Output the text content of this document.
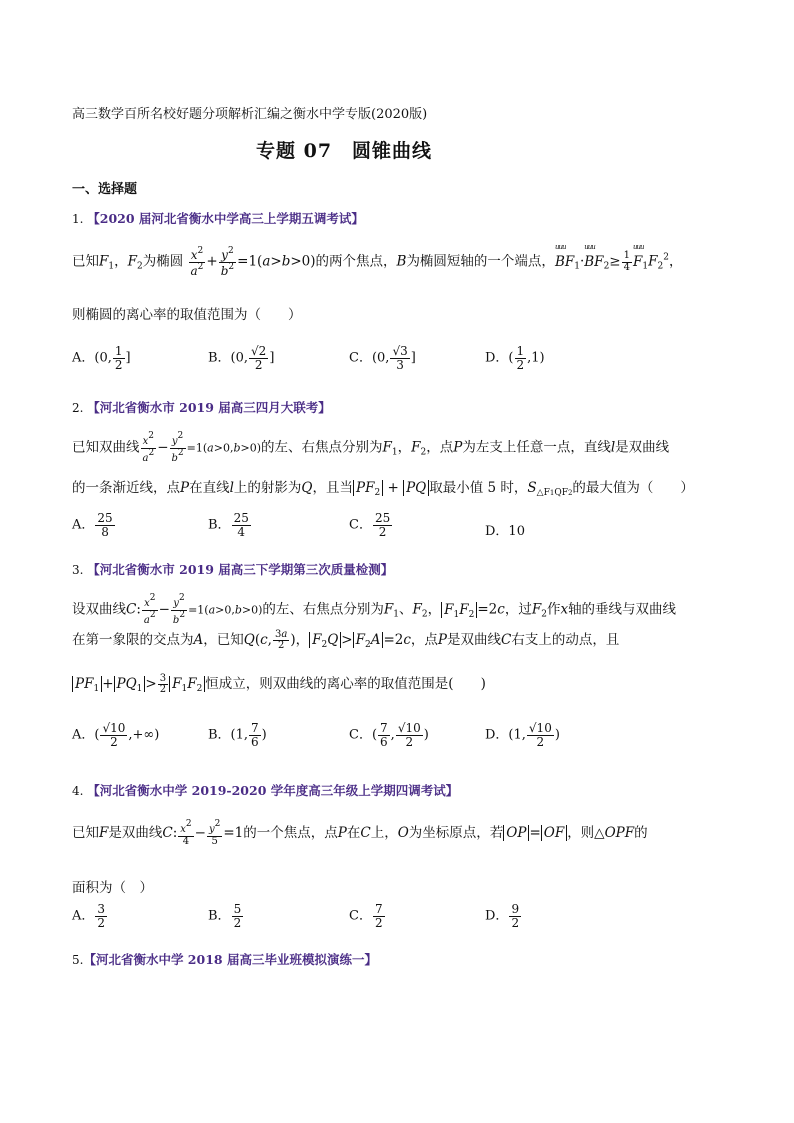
高三数学百所名校好题分项解析汇编之衡水中学专版(2020版)
专题 07　圆锥曲线
一、选择题
1. 【2020 届河北省衡水中学高三上学期五调考试】
已知$F_1$，$F_2$为椭圆 $\frac{x^2}{a^2} + \frac{y^2}{b^2} =1(a>b>0)$的两个焦点，B为椭圆短轴的一个端点，uuu $BF_1\cdot uuu$ $BF_2\ge \frac{1}{4}$
uuu $F_1F_2^2$，
则椭圆的离心率的取值范围为（　　）
A．(0, $\frac{1}{2}$ ]	B．(0, $\frac{√2}{2}$ ]	C．(0, $\frac{√3}{3}$ ]	D．( $\frac{1}{2} ,1$)
2. 【河北省衡水市 2019 届高三四月大联考】
已知双曲线 $\frac{x2}{a2} - \frac{y2}{b2} =1(a>0,b>0)$的左、右焦点分别为$F_1$，$F_2$，点P为左支上任意一点，直线l是双曲线
的一条渐近线，点P在直线l上的射影为Q，且当 $PF_2$ + PQ 取最小值 5 时，$S_{\triangle F1QF2}$的最大值为（　　）
A． $\frac{25}{8}$	B． $\frac{25}{4}$	C． $\frac{25}{2}$	D．10
3. 【河北省衡水市 2019 届高三下学期第三次质量检测】
设双曲线C: $\frac{x2}{a2} - \frac{y2}{b2} =1(a>0,b>0)$的左、右焦点分别为$F_1$、$F_2$， $F_1F_2 =2c$，过$F_2$作x轴的垂线与双曲线
在第一象限的交点为A，已知Q(c, $\frac{3a}{2}$ )， $F_2Q > F_2A =2c$，点P是双曲线C右支上的动点，且
$PF_1 + PQ_1 > \frac{3}{2} F_1F_2$ 恒成立，则双曲线的离心率的取值范围是(　　)
A．( $\frac{√10}{2}$ ,+∞)	B．(1, $\frac{7}{6}$ )	C．( $\frac{7}{6}$ , $\frac{√10}{2}$ )	D．(1, $\frac{√10}{2}$ )
4. 【河北省衡水中学 2019-2020 学年度高三年级上学期四调考试】
已知F是双曲线C: $\frac{x2}{4} - \frac{y2}{5} =1$的一个焦点，点P在C上，O为坐标原点，若 OP = OF ，则△OPF的
面积为（　）
A． $\frac{3}{2}$	B． $\frac{5}{2}$	C． $\frac{7}{2}$	D． $\frac{9}{2}$
5.【河北省衡水中学 2018 届高三毕业班模拟演练一】
